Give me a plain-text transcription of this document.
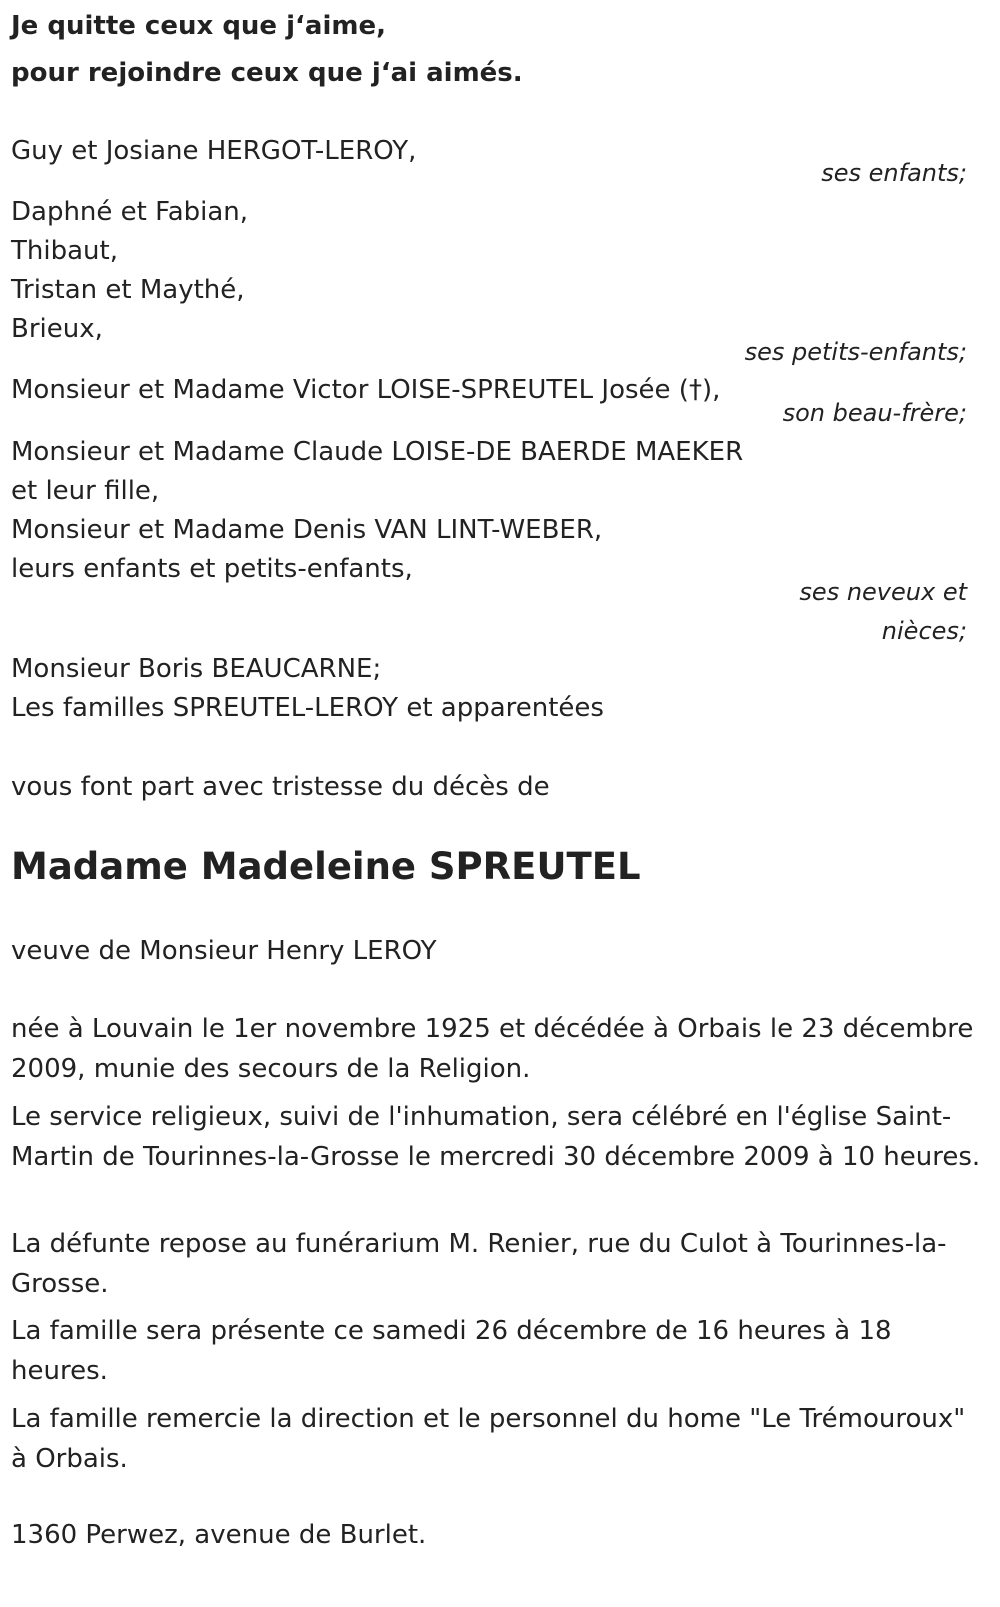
Je quitte ceux que j‘aime,

pour rejoindre ceux que j‘ai aimés.

Guy et Josiane HERGOT-LEROY,

ses enfants;

Daphné et Fabian,

Thibaut,

Tristan et Maythé,

Brieux,

ses petits-enfants;

Monsieur et Madame Victor LOISE-SPREUTEL Josée (†),

son beau-frère;

Monsieur et Madame Claude LOISE-DE BAERDE MAEKER

et leur fille,

Monsieur et Madame Denis VAN LINT-WEBER,

leurs enfants et petits-enfants,

ses neveux et

nièces;

Monsieur Boris BEAUCARNE;

Les familles SPREUTEL-LEROY et apparentées

vous font part avec tristesse du décès de

Madame Madeleine SPREUTEL

veuve de Monsieur Henry LEROY

née à Louvain le 1er novembre 1925 et décédée à Orbais le 23 décembre 2009, munie des secours de la Religion.

Le service religieux, suivi de l'inhumation, sera célébré en l'église Saint-Martin de Tourinnes-la-Grosse le mercredi 30 décembre 2009 à 10 heures.

La défunte repose au funérarium M. Renier, rue du Culot à Tourinnes-la-Grosse.

La famille sera présente ce samedi 26 décembre de 16 heures à 18 heures.

La famille remercie la direction et le personnel du home "Le Trémouroux" à Orbais.

1360 Perwez, avenue de Burlet.
